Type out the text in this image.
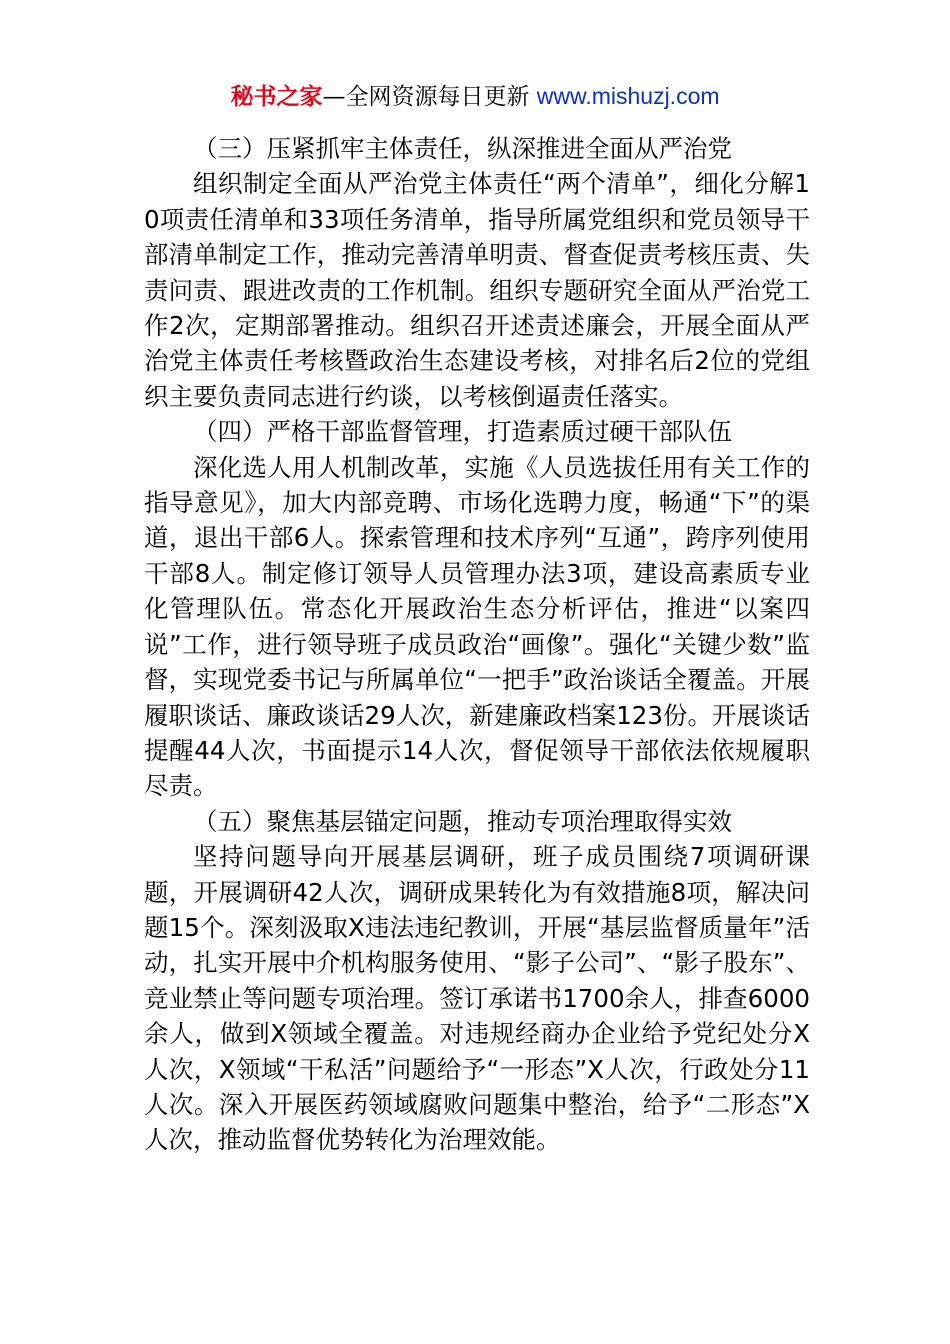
秘书之家—全网资源每日更新 www.mishuzj.com

（三）压紧抓牢主体责任，纵深推进全面从严治党

组织制定全面从严治党主体责任“两个清单”，细化分解10项责任清单和33项任务清单，指导所属党组织和党员领导干部清单制定工作，推动完善清单明责、督查促责考核压责、失责问责、跟进改责的工作机制。组织专题研究全面从严治党工作2次，定期部署推动。组织召开述责述廉会，开展全面从严治党主体责任考核暨政治生态建设考核，对排名后2位的党组织主要负责同志进行约谈，以考核倒逼责任落实。

（四）严格干部监督管理，打造素质过硬干部队伍

深化选人用人机制改革，实施《人员选拔任用有关工作的指导意见》，加大内部竞聘、市场化选聘力度，畅通“下”的渠道，退出干部6人。探索管理和技术序列“互通”，跨序列使用干部8人。制定修订领导人员管理办法3项，建设高素质专业化管理队伍。常态化开展政治生态分析评估，推进“以案四说”工作，进行领导班子成员政治“画像”。强化“关键少数”监督，实现党委书记与所属单位“一把手”政治谈话全覆盖。开展履职谈话、廉政谈话29人次，新建廉政档案123份。开展谈话提醒44人次，书面提示14人次，督促领导干部依法依规履职尽责。

（五）聚焦基层锚定问题，推动专项治理取得实效

坚持问题导向开展基层调研，班子成员围绕7项调研课题，开展调研42人次，调研成果转化为有效措施8项，解决问题15个。深刻汲取X违法违纪教训，开展“基层监督质量年”活动，扎实开展中介机构服务使用、“影子公司”、“影子股东”、竞业禁止等问题专项治理。签订承诺书1700余人，排查6000余人，做到X领域全覆盖。对违规经商办企业给予党纪处分X人次，X领域“干私活”问题给予“一形态”X人次，行政处分11人次。深入开展医药领域腐败问题集中整治，给予“二形态”X人次，推动监督优势转化为治理效能。
